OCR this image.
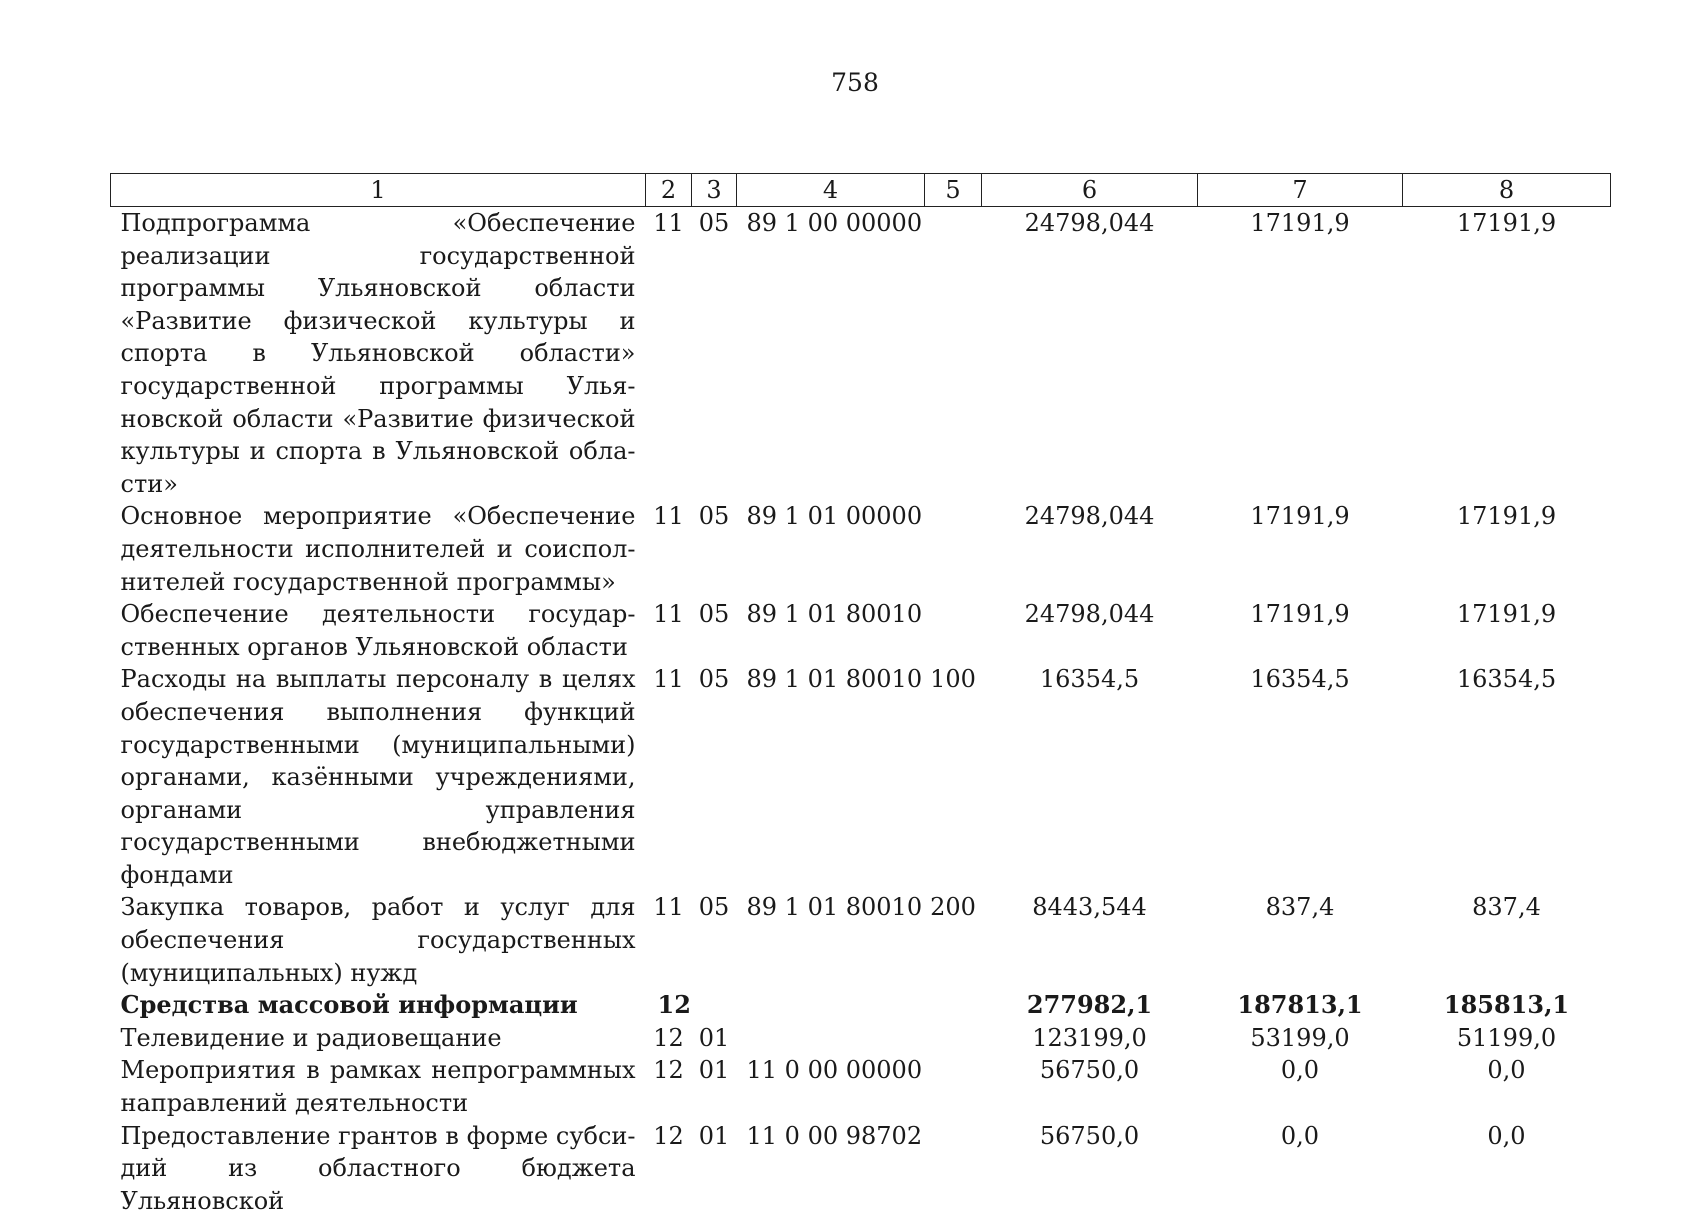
758
1	2	3	4	5	6	7	8
Подпрограмма «Обеспечение реализации государственной программы Ульяновской области «Развитие физической культуры и спорта в Ульяновской области» государственной программы Ульяновской области «Развитие физической культуры и спорта в Ульяновской области»	11	05	89 1 00 00000		24798,044	17191,9	17191,9
Основное мероприятие «Обеспечение деятельности исполнителей и соисполнителей государственной программы»	11	05	89 1 01 00000		24798,044	17191,9	17191,9
Обеспечение деятельности государственных органов Ульяновской области	11	05	89 1 01 80010		24798,044	17191,9	17191,9
Расходы на выплаты персоналу в целях обеспечения выполнения функций государственными (муниципальными) органами, казёнными учреждениями, органами управления государственными внебюджетными фондами	11	05	89 1 01 80010	100	16354,5	16354,5	16354,5
Закупка товаров, работ и услуг для обеспечения государственных (муниципальных) нужд	11	05	89 1 01 80010	200	8443,544	837,4	837,4
Средства массовой информации	12				277982,1	187813,1	185813,1
Телевидение и радиовещание	12	01			123199,0	53199,0	51199,0
Мероприятия в рамках непрограммных направлений деятельности	12	01	11 0 00 00000		56750,0	0,0	0,0
Предоставление грантов в форме субсидий из областного бюджета Ульяновской	12	01	11 0 00 98702		56750,0	0,0	0,0
